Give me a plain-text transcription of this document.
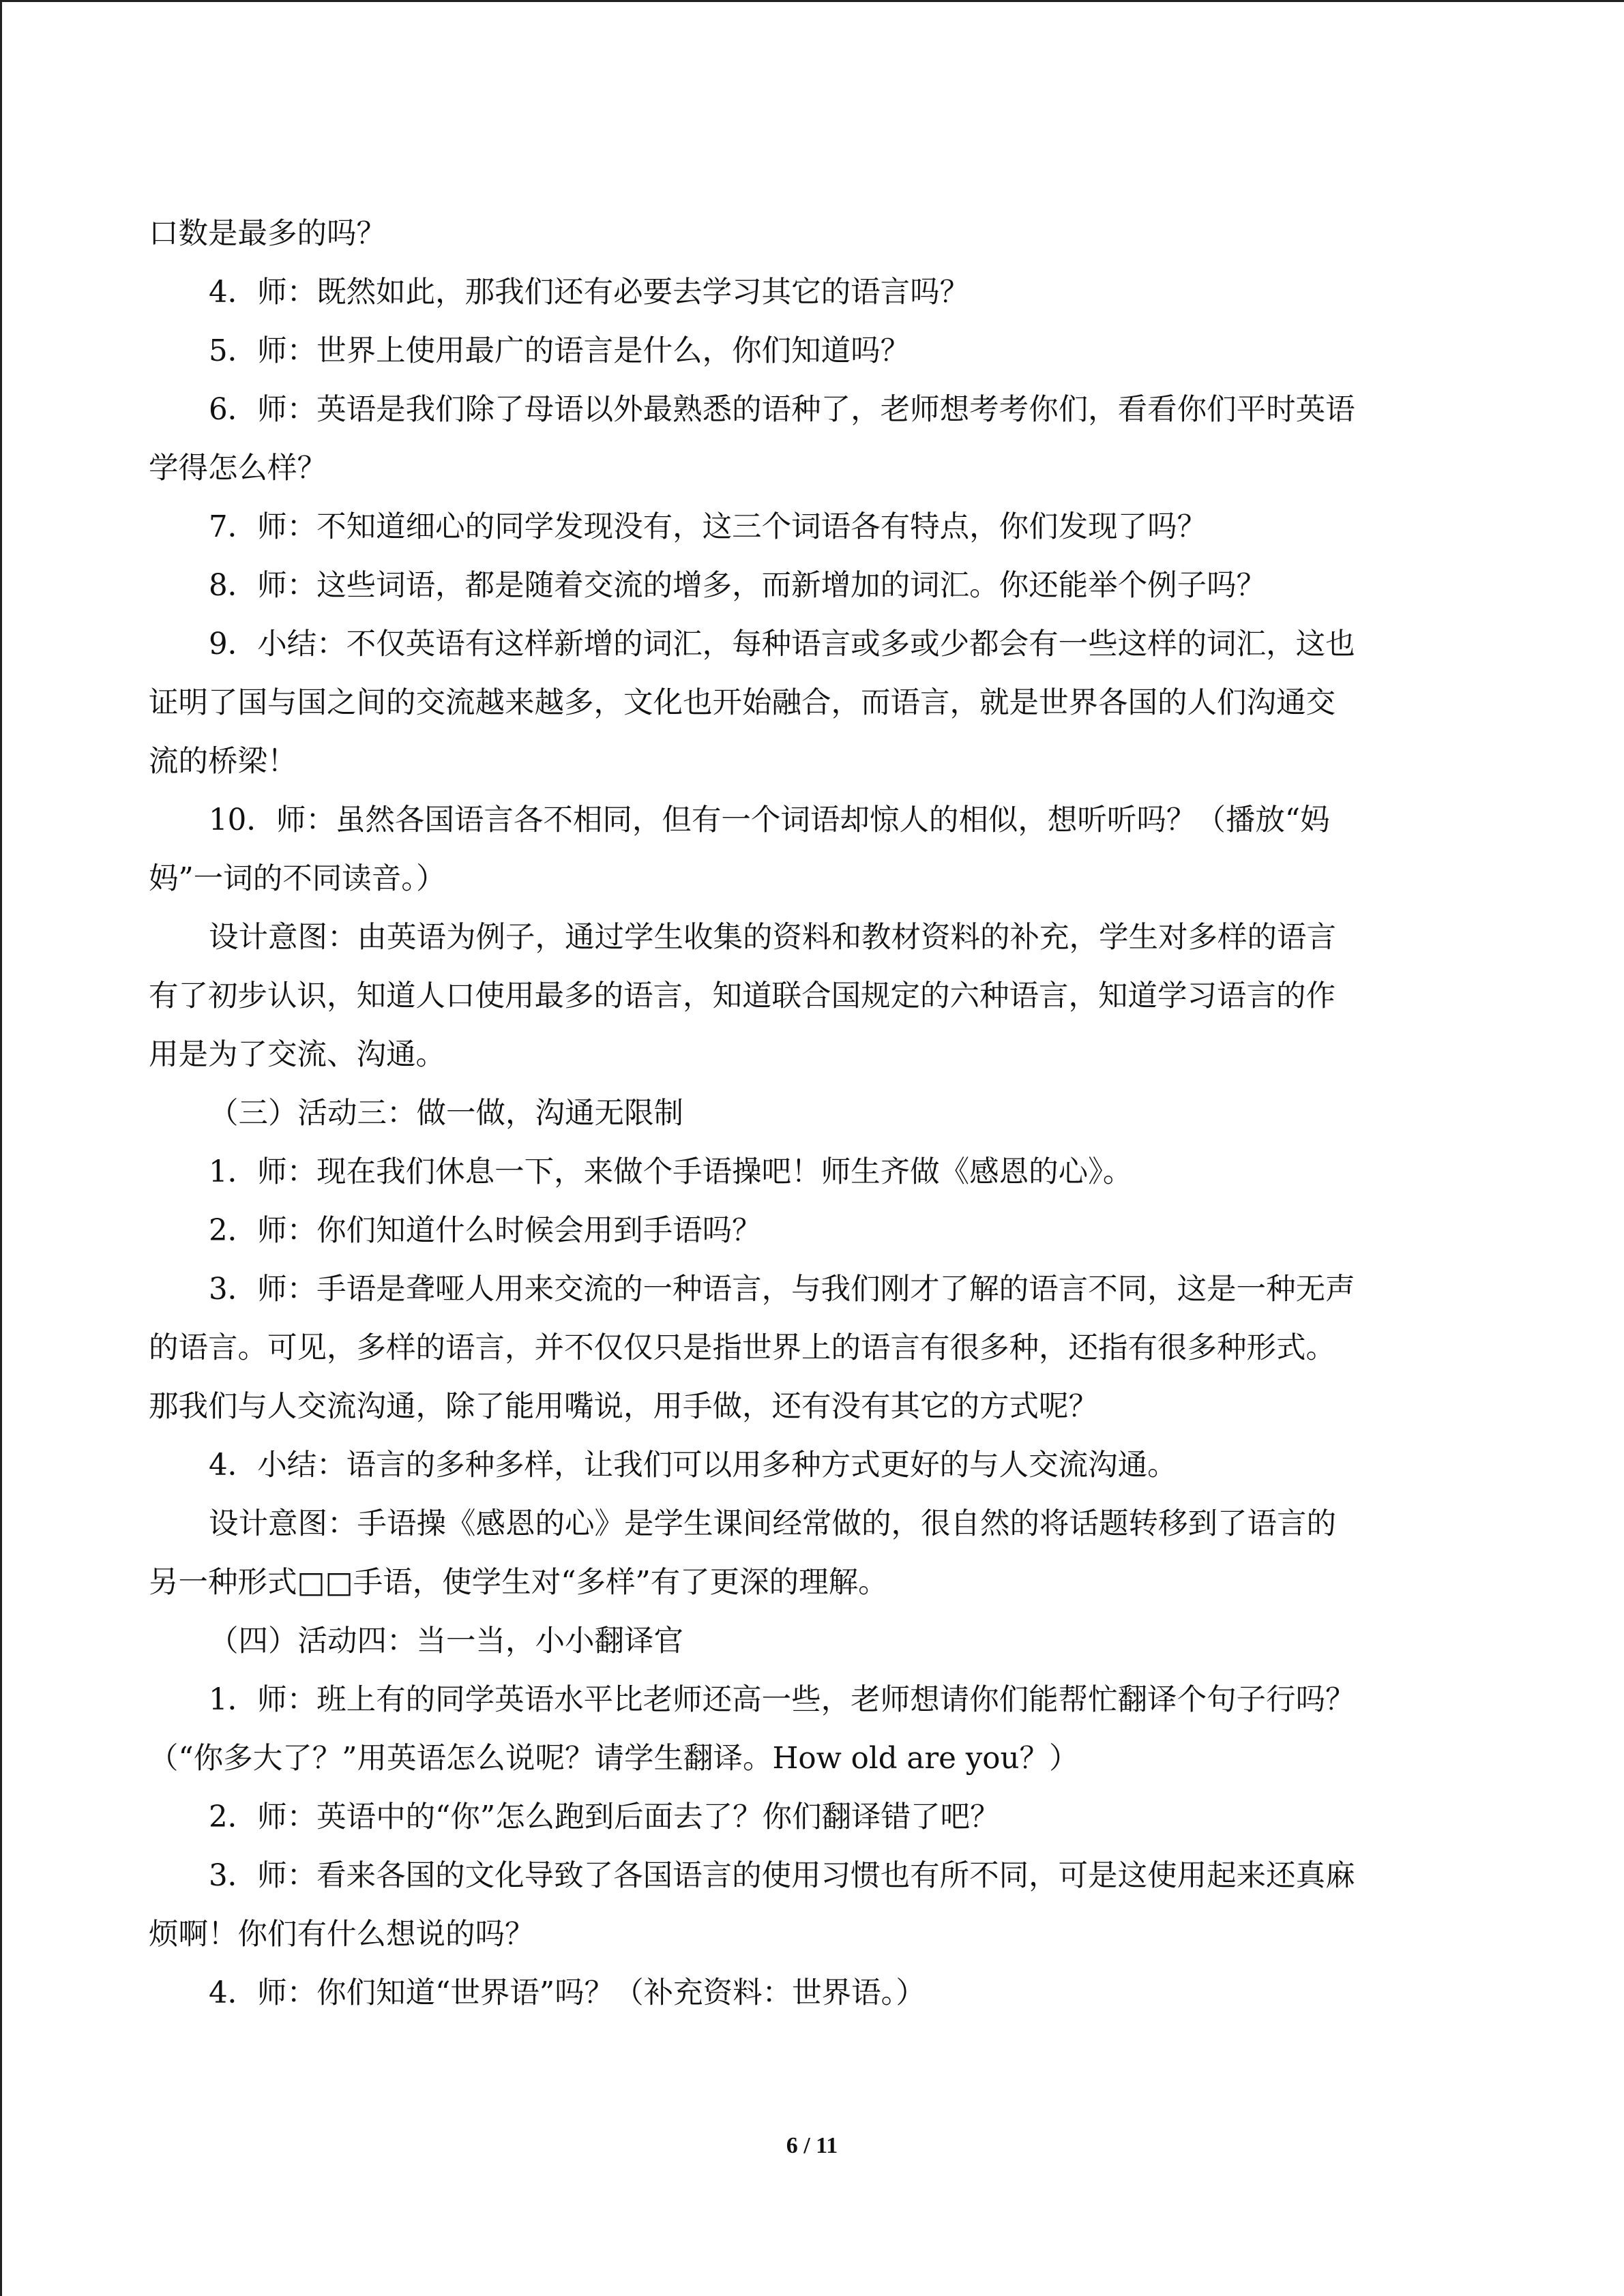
口数是最多的吗？
4．师：既然如此，那我们还有必要去学习其它的语言吗？
5．师：世界上使用最广的语言是什么，你们知道吗？
6．师：英语是我们除了母语以外最熟悉的语种了，老师想考考你们，看看你们平时英语
学得怎么样？
7．师：不知道细心的同学发现没有，这三个词语各有特点，你们发现了吗？
8．师：这些词语，都是随着交流的增多，而新增加的词汇。你还能举个例子吗？
9．小结：不仅英语有这样新增的词汇，每种语言或多或少都会有一些这样的词汇，这也
证明了国与国之间的交流越来越多，文化也开始融合，而语言，就是世界各国的人们沟通交
流的桥梁！
10．师：虽然各国语言各不相同，但有一个词语却惊人的相似，想听听吗？（播放“妈
妈”一词的不同读音。）
设计意图：由英语为例子，通过学生收集的资料和教材资料的补充，学生对多样的语言
有了初步认识，知道人口使用最多的语言，知道联合国规定的六种语言，知道学习语言的作
用是为了交流、沟通。
（三）活动三：做一做，沟通无限制
1．师：现在我们休息一下，来做个手语操吧！师生齐做《感恩的心》。
2．师：你们知道什么时候会用到手语吗？
3．师：手语是聋哑人用来交流的一种语言，与我们刚才了解的语言不同，这是一种无声
的语言。可见，多样的语言，并不仅仅只是指世界上的语言有很多种，还指有很多种形式。
那我们与人交流沟通，除了能用嘴说，用手做，还有没有其它的方式呢？
4．小结：语言的多种多样，让我们可以用多种方式更好的与人交流沟通。
设计意图：手语操《感恩的心》是学生课间经常做的，很自然的将话题转移到了语言的
另一种形式□□手语，使学生对“多样”有了更深的理解。
（四）活动四：当一当，小小翻译官
1．师：班上有的同学英语水平比老师还高一些，老师想请你们能帮忙翻译个句子行吗？
（“你多大了？”用英语怎么说呢？请学生翻译。How old are you？）
2．师：英语中的“你”怎么跑到后面去了？你们翻译错了吧？
3．师：看来各国的文化导致了各国语言的使用习惯也有所不同，可是这使用起来还真麻
烦啊！你们有什么想说的吗？
4．师：你们知道“世界语”吗？（补充资料：世界语。）
6 / 11
